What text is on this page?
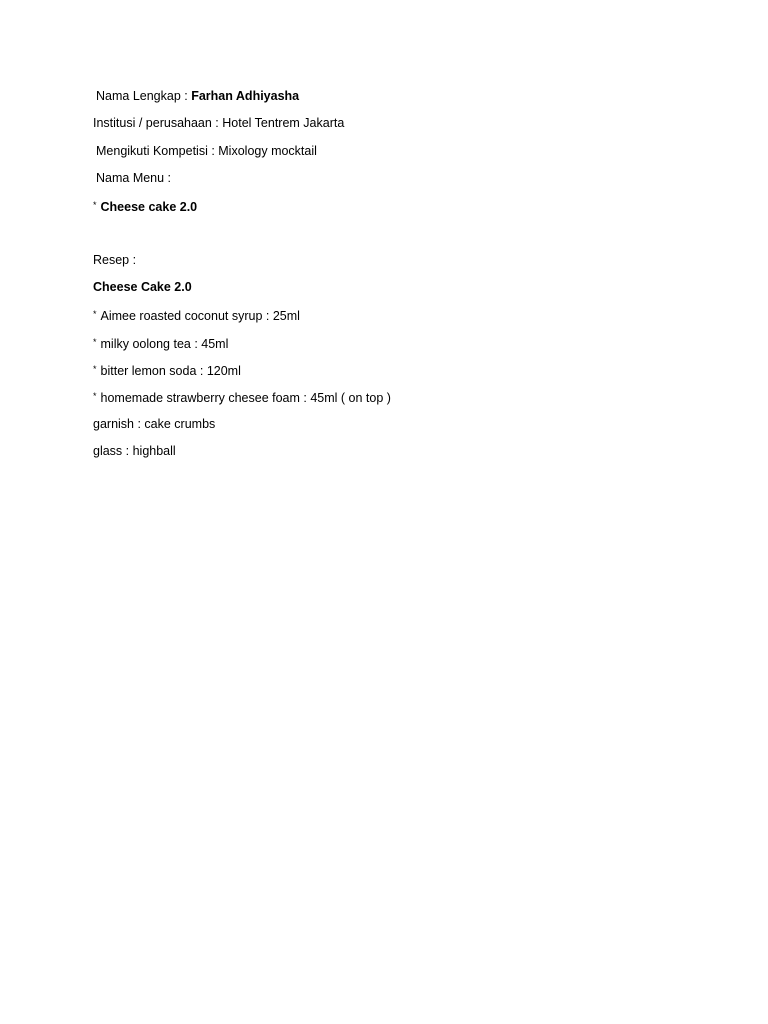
Nama Lengkap : Farhan Adhiyasha
Institusi / perusahaan : Hotel Tentrem Jakarta
Mengikuti Kompetisi : Mixology mocktail
Nama Menu :
* Cheese cake 2.0
Resep :
Cheese Cake 2.0
* Aimee roasted coconut syrup : 25ml
* milky oolong tea : 45ml
* bitter lemon soda : 120ml
* homemade strawberry chesee foam : 45ml ( on top )
garnish : cake crumbs
glass : highball
